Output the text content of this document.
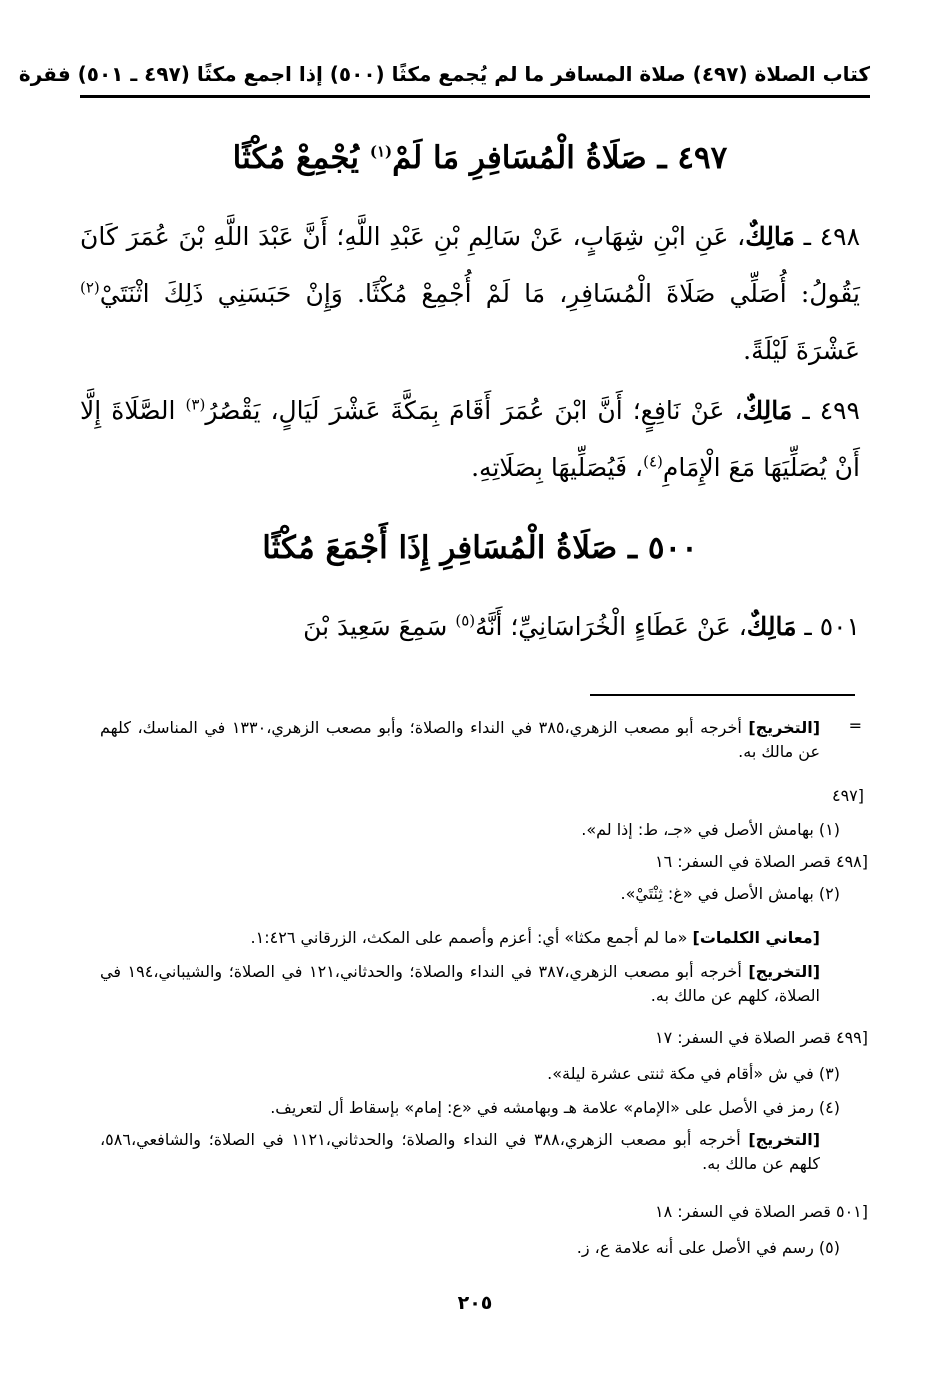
كتاب الصلاة (٤٩٧) صلاة المسافر ما لم يُجمع مكثًا (٥٠٠) إذا اجمع مكثًا (٤٩٧ ـ ٥٠١) فقرة
٤٩٧ ـ صَلَاةُ الْمُسَافِرِ مَا لَمْ$^{(١)}$ يُجْمِعْ مُكْثًا
٤٩٨ ـ مَالِكٌ، عَنِ ابْنِ شِهَابٍ، عَنْ سَالِمِ بْنِ عَبْدِ اللَّهِ؛ أَنَّ عَبْدَ اللَّهِ بْنَ عُمَرَ كَانَ يَقُولُ: أُصَلِّي صَلَاةَ الْمُسَافِرِ، مَا لَمْ أُجْمِعْ مُكْثًا. وَإِنْ حَبَسَنِي ذَلِكَ اثْنَتَيْ$^{(٢)}$ عَشْرَةَ لَيْلَةً.
٤٩٩ ـ مَالِكٌ، عَنْ نَافِعٍ؛ أَنَّ ابْنَ عُمَرَ أَقَامَ بِمَكَّةَ عَشْرَ لَيَالٍ، يَقْصُرُ$^{(٣)}$ الصَّلَاةَ إِلَّا أَنْ يُصَلِّيَهَا مَعَ الْإِمَامِ$^{(٤)}$، فَيُصَلِّيهَا بِصَلَاتِهِ.
٥٠٠ ـ صَلَاةُ الْمُسَافِرِ إِذَا أَجْمَعَ مُكْثًا
٥٠١ ـ مَالِكٌ، عَنْ عَطَاءٍ الْخُرَاسَانِيِّ؛ أَنَّهُ$^{(٥)}$ سَمِعَ سَعِيدَ بْنَ
=
[التخريج] أخرجه أبو مصعب الزهري،٣٨٥ في النداء والصلاة؛ وأبو مصعب الزهري،١٣٣٠ في المناسك، كلهم عن مالك به.
[٤٩٧
(١) بهامش الأصل في «جـ، ط: إذا لم».
[٤٩٨ قصر الصلاة في السفر: ١٦
(٢) بهامش الأصل في «غ: ثِنْتَيْ».
[معاني الكلمات] «ما لم أجمع مكثا» أي: أعزم وأصمم على المكث، الزرقاني ١:٤٢٦.
[التخريج] أخرجه أبو مصعب الزهري،٣٨٧ في النداء والصلاة؛ والحدثاني،١٢١ في الصلاة؛ والشيباني،١٩٤ في الصلاة، كلهم عن مالك به.
[٤٩٩ قصر الصلاة في السفر: ١٧
(٣) في ش «أقام في مكة ثنتى عشرة ليلة».
(٤) رمز في الأصل على «الإمام» علامة هـ وبهامشه في «ع: إمام» بإسقاط أل لتعريف.
[التخريج] أخرجه أبو مصعب الزهري،٣٨٨ في النداء والصلاة؛ والحدثاني،١١٢١ في الصلاة؛ والشافعي،٥٨٦، كلهم عن مالك به.
[٥٠١ قصر الصلاة في السفر: ١٨
(٥) رسم في الأصل على أنه علامة ع، ز.
٢٠٥
